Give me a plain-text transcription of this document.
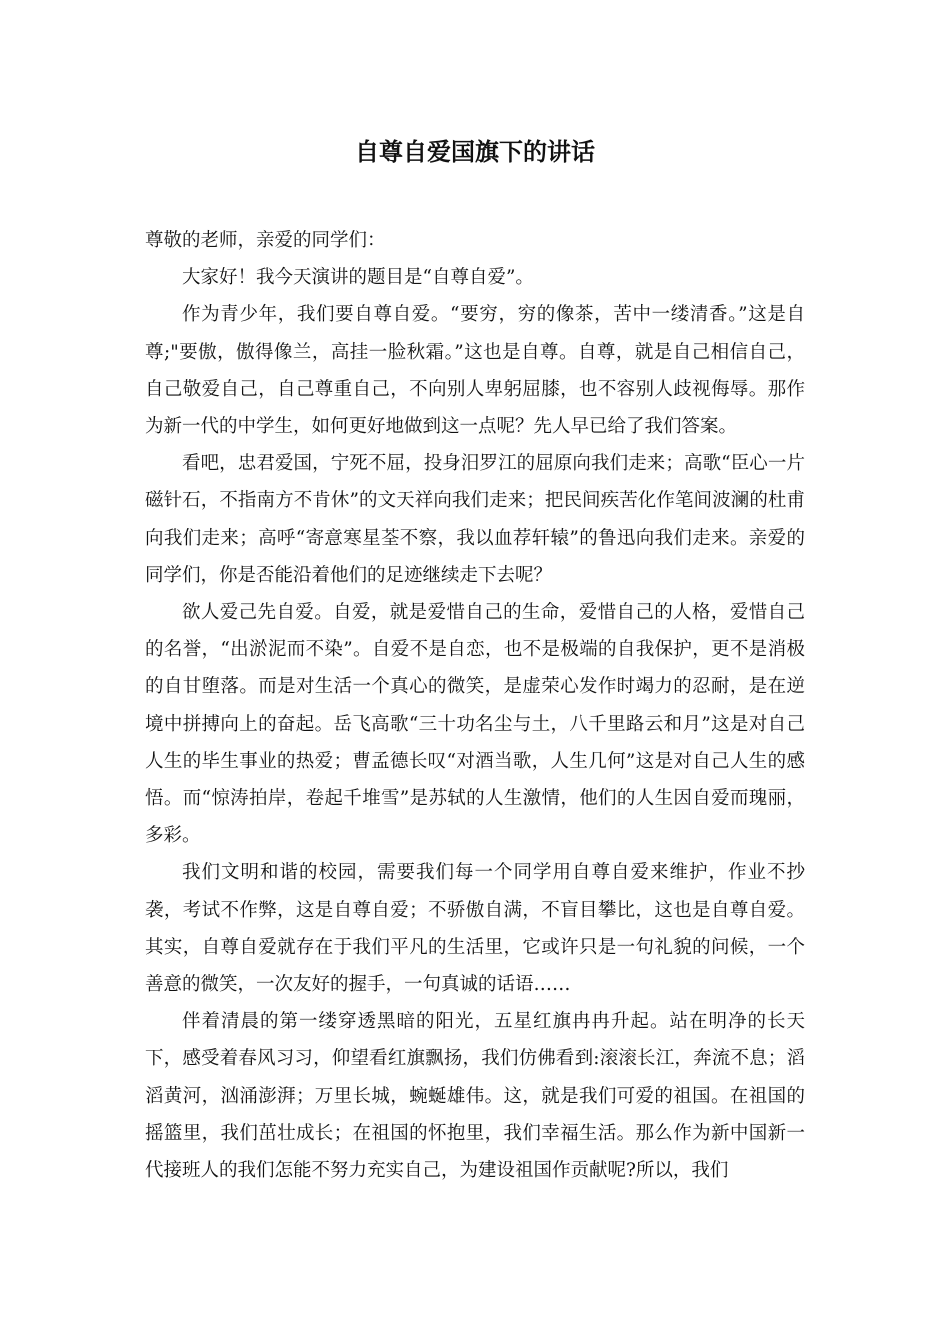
自尊自爱国旗下的讲话

尊敬的老师，亲爱的同学们：

大家好！我今天演讲的题目是“自尊自爱”。

作为青少年，我们要自尊自爱。“要穷，穷的像茶，苦中一缕清香。”这是自尊;"要傲，傲得像兰，高挂一脸秋霜。”这也是自尊。自尊，就是自己相信自己，自己敬爱自己，自己尊重自己，不向别人卑躬屈膝，也不容别人歧视侮辱。那作为新一代的中学生，如何更好地做到这一点呢？先人早已给了我们答案。

看吧，忠君爱国，宁死不屈，投身汨罗江的屈原向我们走来；高歌“臣心一片磁针石，不指南方不肯休”的文天祥向我们走来；把民间疾苦化作笔间波澜的杜甫向我们走来；高呼“寄意寒星荃不察，我以血荐轩辕”的鲁迅向我们走来。亲爱的同学们，你是否能沿着他们的足迹继续走下去呢？

欲人爱己先自爱。自爱，就是爱惜自己的生命，爱惜自己的人格，爱惜自己的名誉，“出淤泥而不染”。自爱不是自恋，也不是极端的自我保护，更不是消极的自甘堕落。而是对生活一个真心的微笑，是虚荣心发作时竭力的忍耐，是在逆境中拼搏向上的奋起。岳飞高歌“三十功名尘与土，八千里路云和月”这是对自己人生的毕生事业的热爱；曹孟德长叹“对酒当歌，人生几何”这是对自己人生的感悟。而“惊涛拍岸，卷起千堆雪”是苏轼的人生激情，他们的人生因自爱而瑰丽，多彩。

我们文明和谐的校园，需要我们每一个同学用自尊自爱来维护，作业不抄袭，考试不作弊，这是自尊自爱；不骄傲自满，不盲目攀比，这也是自尊自爱。其实，自尊自爱就存在于我们平凡的生活里，它或许只是一句礼貌的问候，一个善意的微笑，一次友好的握手，一句真诚的话语……

伴着清晨的第一缕穿透黑暗的阳光，五星红旗冉冉升起。站在明净的长天下，感受着春风习习，仰望看红旗飘扬，我们仿佛看到:滚滚长江，奔流不息；滔滔黄河，汹涌澎湃；万里长城，蜿蜒雄伟。这，就是我们可爱的祖国。在祖国的摇篮里，我们茁壮成长；在祖国的怀抱里，我们幸福生活。那么作为新中国新一代接班人的我们怎能不努力充实自己，为建设祖国作贡献呢?所以，我们
